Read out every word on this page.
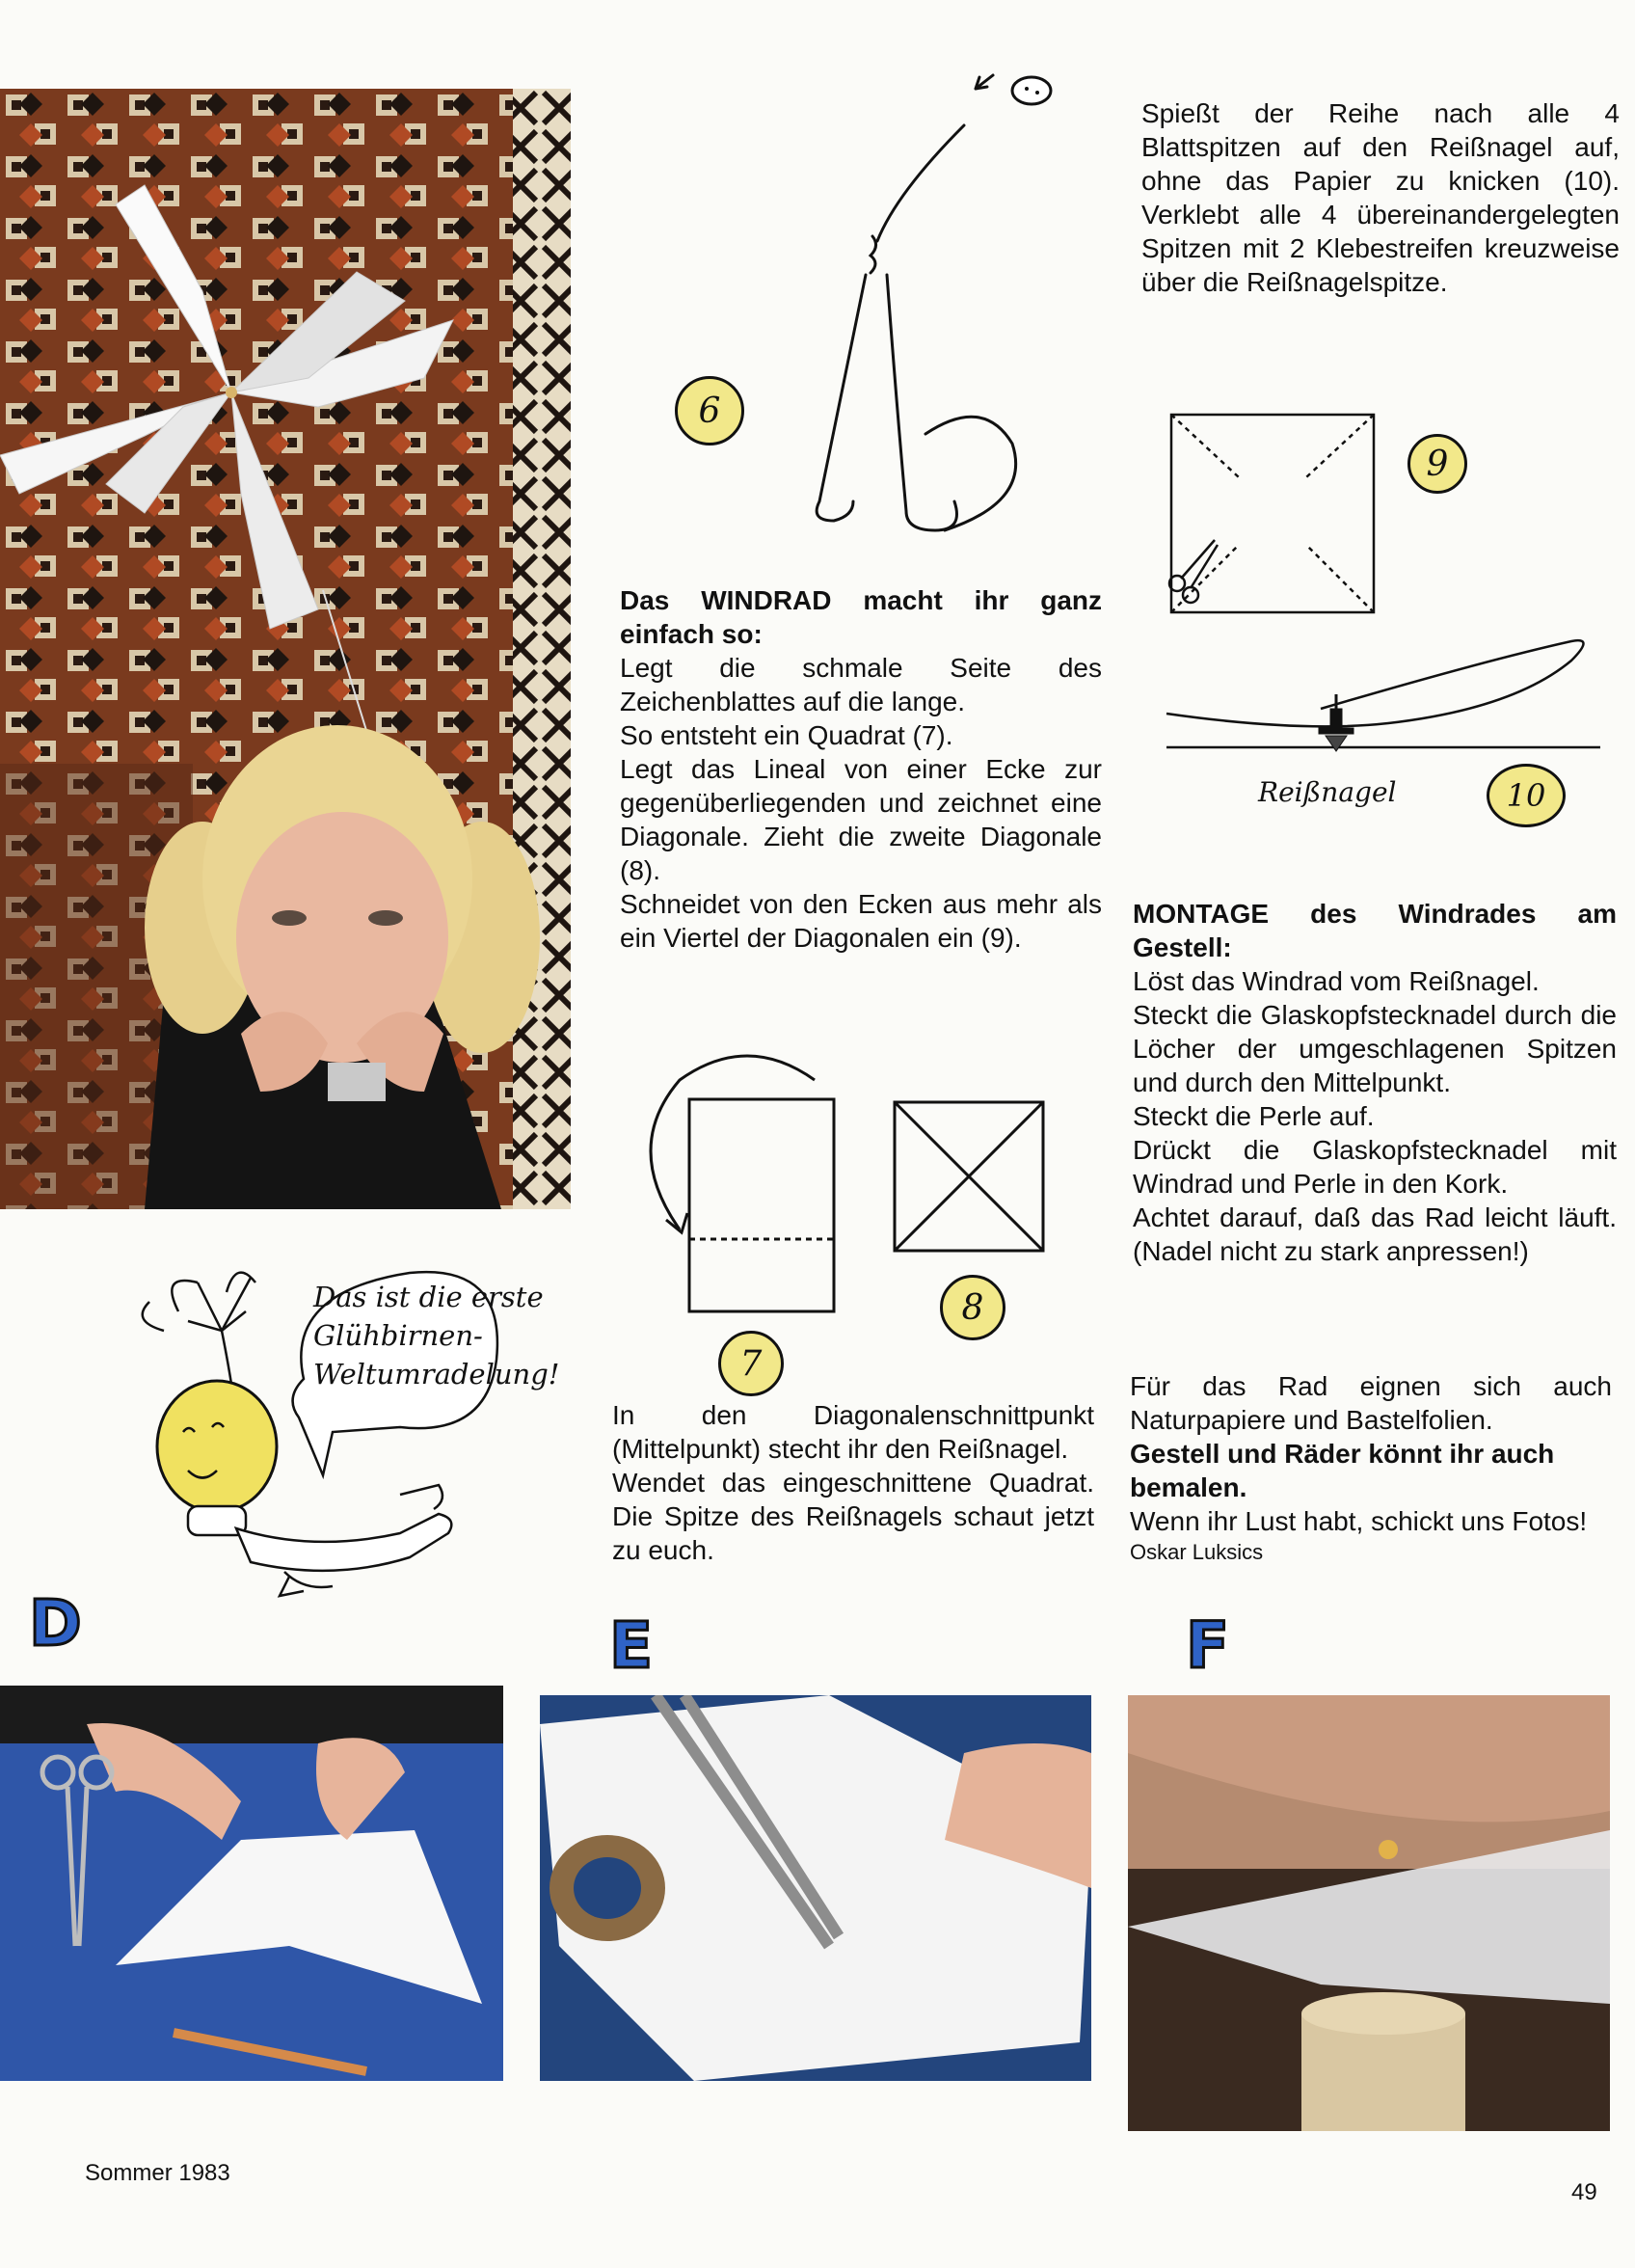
6

Das WINDRAD macht ihr ganz einfach so:

Legt die schmale Seite des Zeichenblattes auf die lange.

So entsteht ein Quadrat (7).

Legt das Lineal von einer Ecke zur gegenüberliegenden und zeichnet eine Diagonale. Zieht die zweite Diagonale (8).

Schneidet von den Ecken aus mehr als ein Viertel der Diagonalen ein (9).

7
8

In den Diagonalenschnittpunkt (Mittelpunkt) stecht ihr den Reißnagel.

Wendet das eingeschnittene Quadrat. Die Spitze des Reißnagels schaut jetzt zu euch.

Spießt der Reihe nach alle 4 Blattspitzen auf den Reißnagel auf, ohne das Papier zu knicken (10). Verklebt alle 4 übereinandergelegten Spitzen mit 2 Klebestreifen kreuzweise über die Reißnagelspitze.

9
Reißnagel	10

MONTAGE des Windrades am Gestell:

Löst das Windrad vom Reißnagel.

Steckt die Glaskopfstecknadel durch die Löcher der umgeschlagenen Spitzen und durch den Mittelpunkt.

Steckt die Perle auf.

Drückt die Glaskopfstecknadel mit Windrad und Perle in den Kork.

Achtet darauf, daß das Rad leicht läuft. (Nadel nicht zu stark anpressen!)

Für das Rad eignen sich auch Naturpapiere und Bastelfolien.

Gestell und Räder könnt ihr auch bemalen.

Wenn ihr Lust habt, schickt uns Fotos!

Oskar Luksics

Das ist die erste
Glühbirnen-
Weltumradelung!
D	E	F
Sommer 1983
49
